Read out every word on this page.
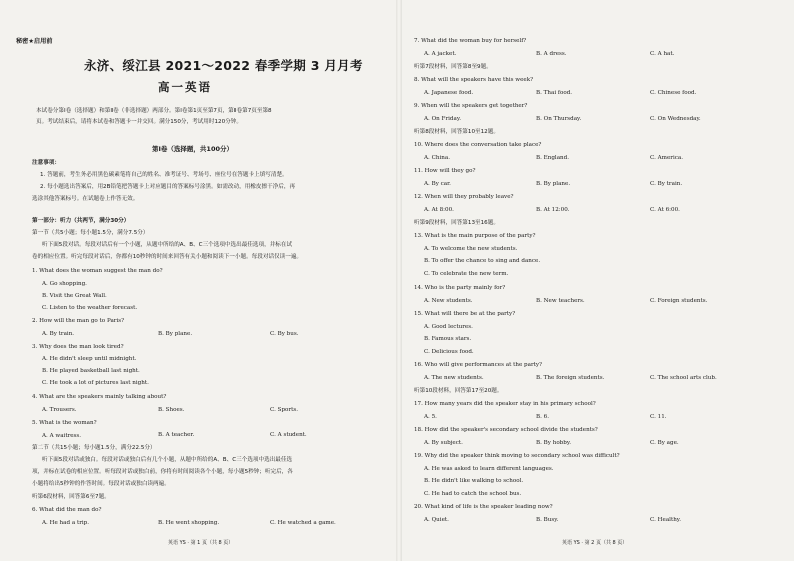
秘密★启用前
永济、绥江县 2021～2022 春季学期 3 月月考
高一英语
本试卷分第Ⅰ卷（选择题）和第Ⅱ卷（非选择题）两部分。第Ⅰ卷第1页至第7页，第Ⅱ卷第7页至第8
页。考试结束后，请将本试卷和答题卡一并交回。满分150分，考试用时120分钟。
第Ⅰ卷（选择题，共100分）
注意事项：
1. 答题前，考生务必用黑色碳素笔将自己的姓名、准考证号、考场号、座位号在答题卡上填写清楚。
2. 每小题选出答案后，用2B铅笔把答题卡上对应题目的答案标号涂黑。如需改动，用橡皮擦干净后，再
选涂其他答案标号。在试题卷上作答无效。
第一部分：听力（共两节，满分30分）
第一节（共5小题；每小题1.5分，满分7.5分）
听下面5段对话。每段对话后有一个小题，从题中所给的A、B、C三个选项中选出最佳选项，并标在试
卷的相应位置。听完每段对话后，你都有10秒钟的时间来回答有关小题和阅读下一小题。每段对话仅读一遍。
1. What does the woman suggest the man do?
A. Go shopping.
B. Visit the Great Wall.
C. Listen to the weather forecast.
2. How will the man go to Paris?
A. By train.	B. By plane.	C. By bus.
3. Why does the man look tired?
A. He didn't sleep until midnight.
B. He played basketball last night.
C. He took a lot of pictures last night.
4. What are the speakers mainly talking about?
A. Trousers.	B. Shoes.	C. Sports.
5. What is the woman?
A. A waitress.	B. A teacher.	C. A student.
第二节（共15小题；每小题1.5分，满分22.5分）
听下面5段对话或独白。每段对话或独白后有几个小题，从题中所给的A、B、C三个选项中选出最佳选
项，并标在试卷的相应位置。听每段对话或独白前，你将有时间阅读各个小题，每小题5秒钟；听完后，各
小题将给出5秒钟的作答时间。每段对话或独白读两遍。
听第6段材料，回答第6至7题。
6. What did the man do?
A. He had a trip.	B. He went shopping.	C. He watched a game.
英语 YS · 第 1 页（共 8 页）
7. What did the woman buy for herself?
A. A jacket.	B. A dress.	C. A hat.
听第7段材料，回答第8至9题。
8. What will the speakers have this week?
A. Japanese food.	B. Thai food.	C. Chinese food.
9. When will the speakers get together?
A. On Friday.	B. On Thursday.	C. On Wednesday.
听第8段材料，回答第10至12题。
10. Where does the conversation take place?
A. China.	B. England.	C. America.
11. How will they go?
A. By car.	B. By plane.	C. By train.
12. When will they probably leave?
A. At 8:00.	B. At 12:00.	C. At 6:00.
听第9段材料，回答第13至16题。
13. What is the main purpose of the party?
A. To welcome the new students.
B. To offer the chance to sing and dance.
C. To celebrate the new term.
14. Who is the party mainly for?
A. New students.	B. New teachers.	C. Foreign students.
15. What will there be at the party?
A. Good lectures.
B. Famous stars.
C. Delicious food.
16. Who will give performances at the party?
A. The new students.	B. The foreign students.	C. The school arts club.
听第10段材料，回答第17至20题。
17. How many years did the speaker stay in his primary school?
A. 5.	B. 6.	C. 11.
18. How did the speaker's secondary school divide the students?
A. By subject.	B. By hobby.	C. By age.
19. Why did the speaker think moving to secondary school was difficult?
A. He was asked to learn different languages.
B. He didn't like walking to school.
C. He had to catch the school bus.
20. What kind of life is the speaker leading now?
A. Quiet.	B. Busy.	C. Healthy.
英语 YS · 第 2 页（共 8 页）
